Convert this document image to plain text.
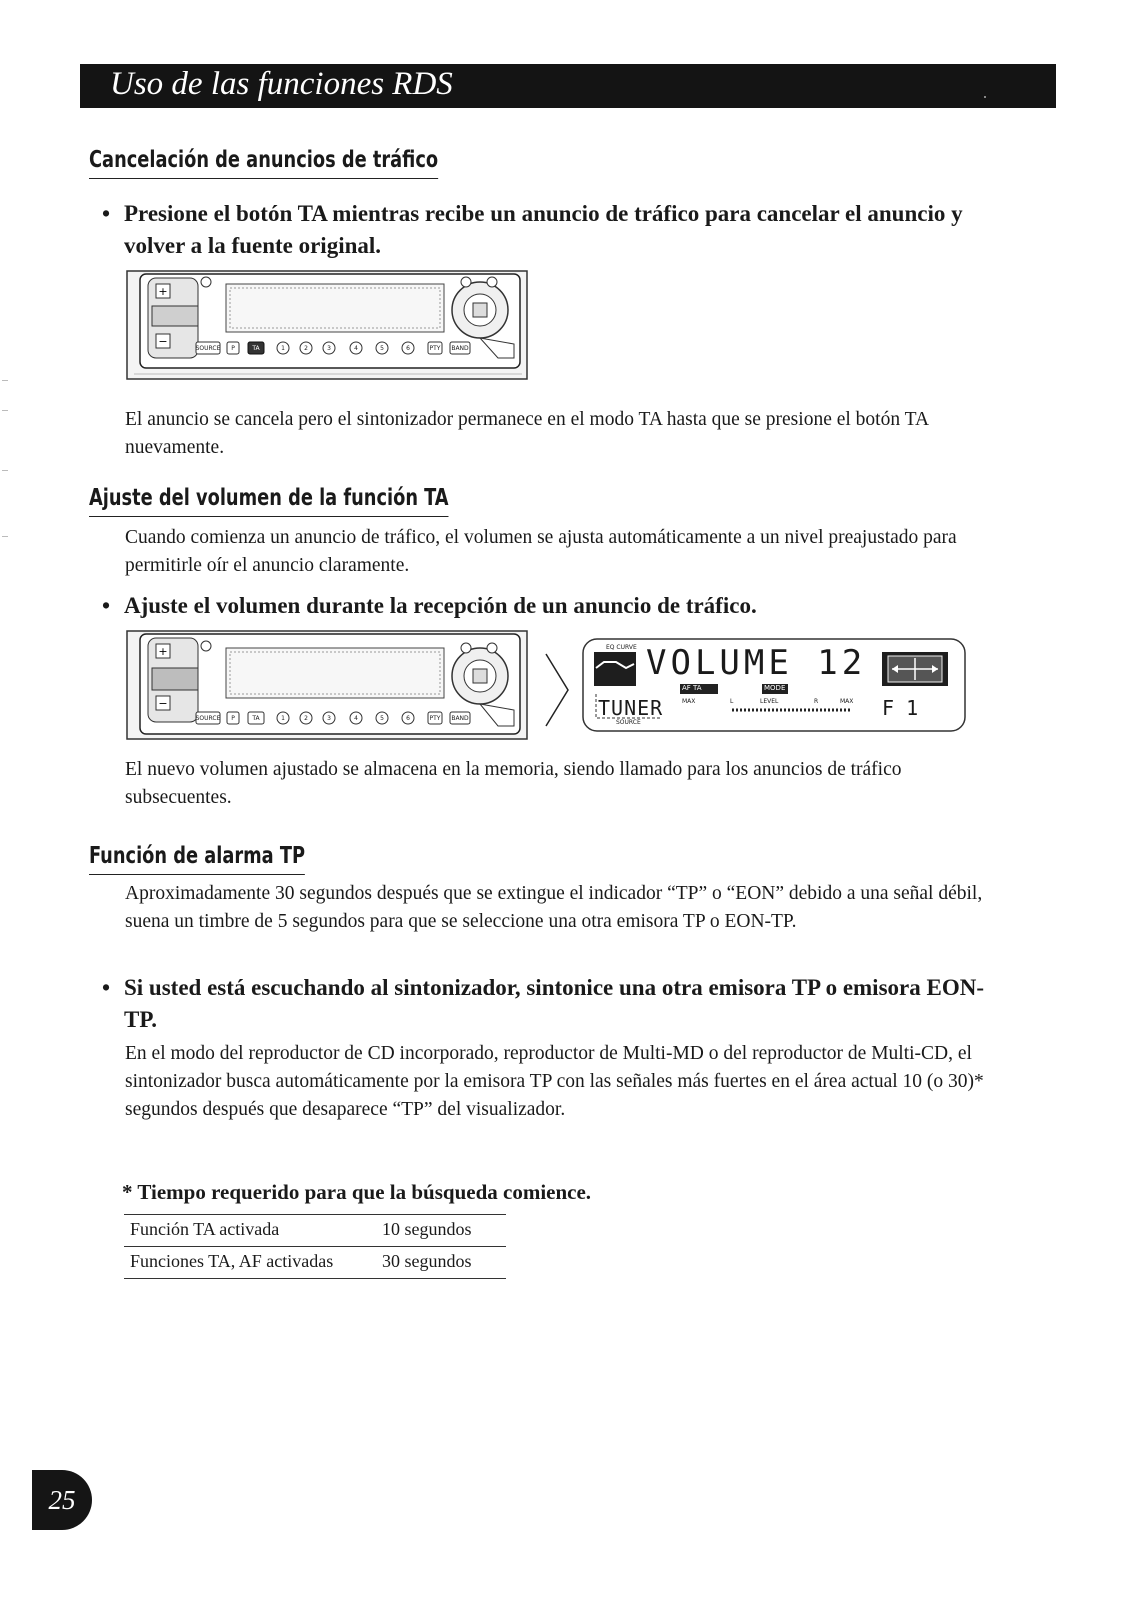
Uso de las funciones RDS
Cancelación de anuncios de tráfico
• Presione el botón TA mientras recibe un anuncio de tráfico para cancelar el anuncio y volver a la fuente original.
+
−
SOURCE P	TA	1	2	3	4	5	6	PTY BAND

El anuncio se cancela pero el sintonizador permanece en el modo TA hasta que se presione el botón TA nuevamente.

Ajuste del volumen de la función TA

Cuando comienza un anuncio de tráfico, el volumen se ajusta automáticamente a un nivel preajustado para permitirle oír el anuncio claramente.

• Ajuste el volumen durante la recepción de un anuncio de tráfico.
+
−
SOURCE P	TA	1	2	3	4	5	6	PTY BAND
EQ CURVE VOLUME 12
AF TA	MODE
TUNER
SOURCE
MAX	L	LEVEL	R	MAX F 1

El nuevo volumen ajustado se almacena en la memoria, siendo llamado para los anuncios de tráfico subsecuentes.

Función de alarma TP

Aproximadamente 30 segundos después que se extingue el indicador “TP” o “EON” debido a una señal débil, suena un timbre de 5 segundos para que se seleccione una otra emisora TP o EON-TP.

• Si usted está escuchando al sintonizador, sintonice una otra emisora TP o emisora EON-TP.

En el modo del reproductor de CD incorporado, reproductor de Multi-MD o del reproductor de Multi-CD, el sintonizador busca automáticamente por la emisora TP con las señales más fuertes en el área actual 10 (o 30)* segundos después que desaparece “TP” del visualizador.

* Tiempo requerido para que la búsqueda comience.
Función TA activada	10 segundos
Funciones TA, AF activadas	30 segundos
25
